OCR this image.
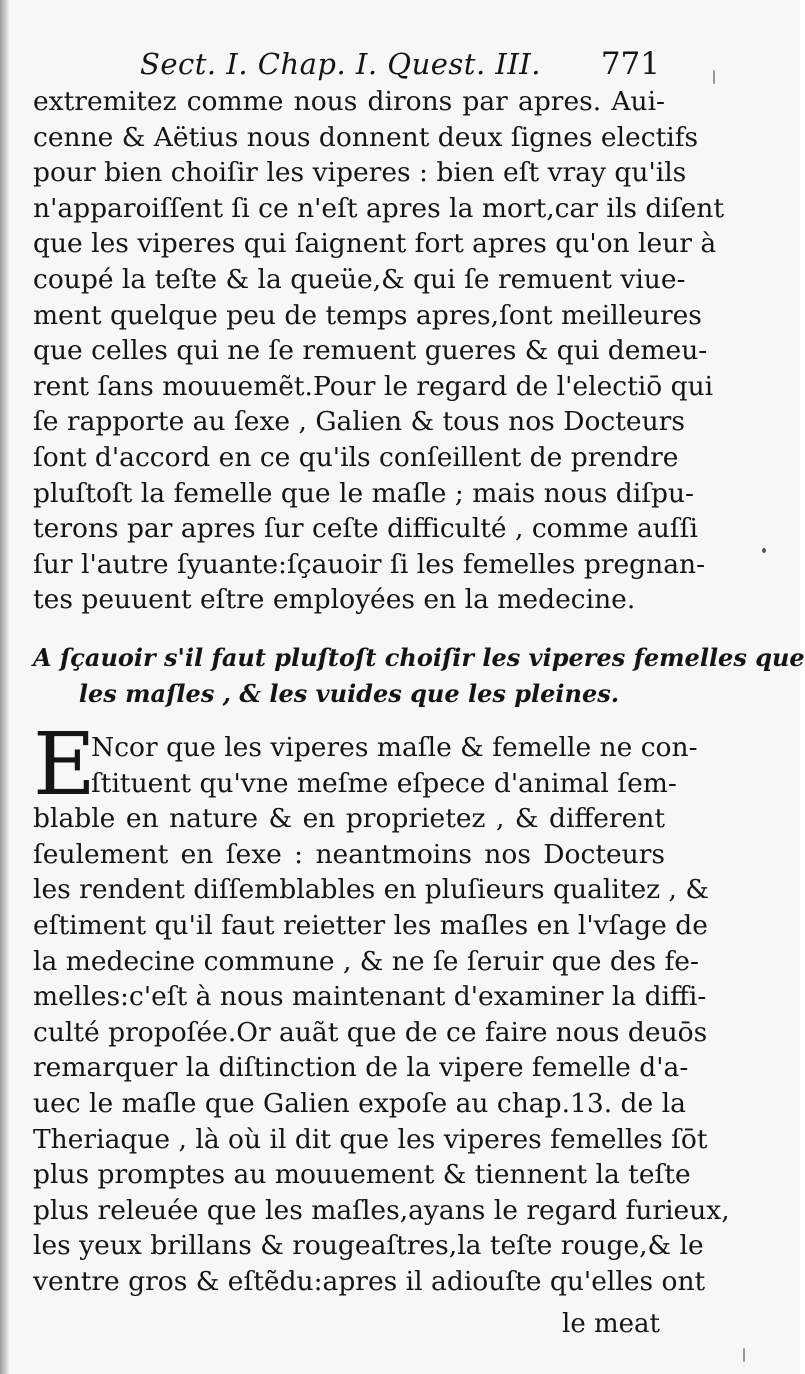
Sect. I. Chap. I. Quest. III. 771
extremitez comme nous dirons par apres. Aui-
cenne & Aëtius nous donnent deux ſignes electifs
pour bien choiſir les viperes : bien eſt vray qu'ils
n'apparoiſſent ſi ce n'eſt apres la mort,car ils diſent
que les viperes qui ſaignent fort apres qu'on leur à
coupé la teſte & la queüe,& qui ſe remuent viue-
ment quelque peu de temps apres,ſont meilleures
que celles qui ne ſe remuent gueres & qui demeu-
rent ſans mouuemẽt.Pour le regard de l'electiō qui
ſe rapporte au ſexe , Galien & tous nos Docteurs
ſont d'accord en ce qu'ils conſeillent de prendre
pluſtoſt la femelle que le maſle ; mais nous diſpu-
terons par apres ſur ceſte difficulté , comme auſſi
ſur l'autre ſyuante:ſçauoir ſi les femelles pregnan-
tes peuuent eſtre employées en la medecine.
A ſçauoir s'il faut pluſtoſt choiſir les viperes femelles que
les maſles , & les vuides que les pleines.
E
Ncor que les viperes maſle & femelle ne con-
ſtituent qu'vne meſme eſpece d'animal ſem-
blable en nature & en proprietez , & different
ſeulement en ſexe : neantmoins nos Docteurs
les rendent diſſemblables en pluſieurs qualitez , &
eſtiment qu'il faut reietter les maſles en l'vſage de
la medecine commune , & ne ſe ſeruir que des fe-
melles:c'eſt à nous maintenant d'examiner la diffi-
culté propoſée.Or auãt que de ce faire nous deuōs
remarquer la diſtinction de la vipere femelle d'a-
uec le maſle que Galien expoſe au chap.13. de la
Theriaque , là où il dit que les viperes femelles ſōt
plus promptes au mouuement & tiennent la teſte
plus releuée que les maſles,ayans le regard furieux,
les yeux brillans & rougeaſtres,la teſte rouge,& le
ventre gros & eſtẽdu:apres il adiouſte qu'elles ont
le meat
